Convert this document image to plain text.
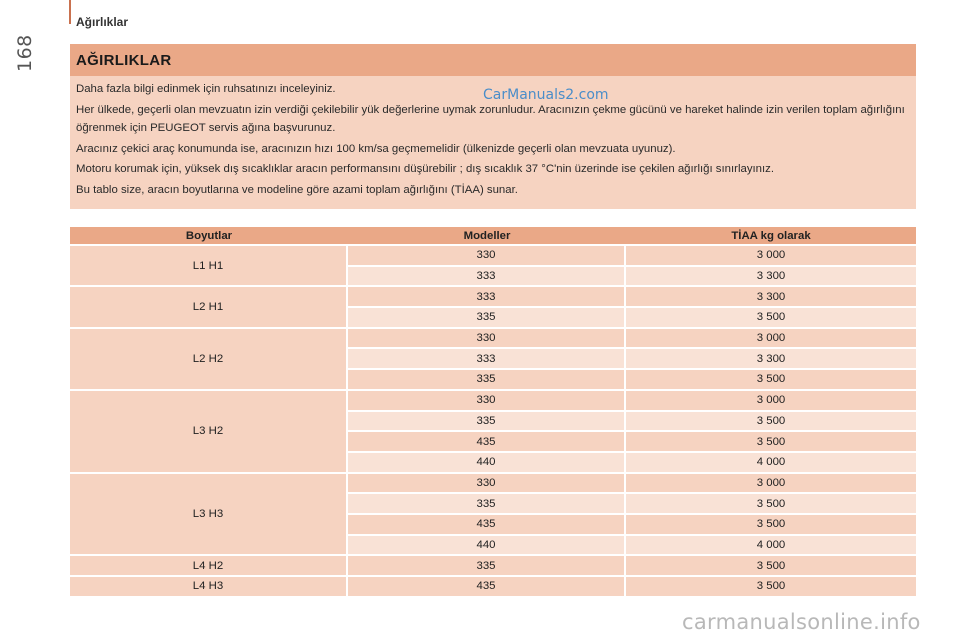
168
Ağırlıklar
AĞIRLIKLAR

Daha fazla bilgi edinmek için ruhsatınızı inceleyiniz.

Her ülkede, geçerli olan mevzuatın izin verdiği çekilebilir yük değerlerine uymak zorunludur. Aracınızın çekme gücünü ve hareket halinde izin verilen toplam ağırlığını öğrenmek için PEUGEOT servis ağına başvurunuz.

Aracınız çekici araç konumunda ise, aracınızın hızı 100 km/sa geçmemelidir (ülkenizde geçerli olan mevzuata uyunuz).

Motoru korumak için, yüksek dış sıcaklıklar aracın performansını düşürebilir ; dış sıcaklık 37 °C'nin üzerinde ise çekilen ağırlığı sınırlayınız.

Bu tablo size, aracın boyutlarına ve modeline göre azami toplam ağırlığını (TİAA) sunar.

CarManuals2.com
Boyutlar	Modeller	TİAA kg olarak
L1 H1	330	3 000
	333	3 300
L2 H1	333	3 300
	335	3 500
L2 H2	330	3 000
	333	3 300
	335	3 500
L3 H2	330	3 000
	335	3 500
	435	3 500
	440	4 000
L3 H3	330	3 000
	335	3 500
	435	3 500
	440	4 000
L4 H2	335	3 500
L4 H3	435	3 500
carmanualsonline.info
